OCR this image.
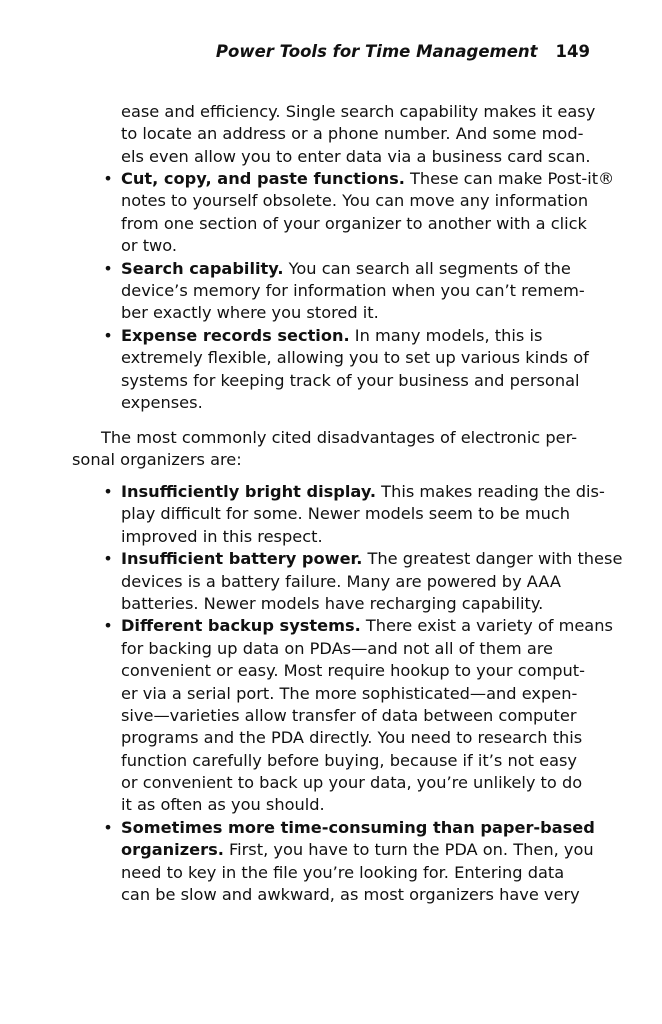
Power Tools for Time Management 149
ease and efficiency. Single search capability makes it easy
to locate an address or a phone number. And some mod-
els even allow you to enter data via a business card scan.
• Cut, copy, and paste functions. These can make Post-it®
notes to yourself obsolete. You can move any information
from one section of your organizer to another with a click
or two.
• Search capability. You can search all segments of the
device’s memory for information when you can’t remem-
ber exactly where you stored it.
• Expense records section. In many models, this is
extremely flexible, allowing you to set up various kinds of
systems for keeping track of your business and personal
expenses.
The most commonly cited disadvantages of electronic per-
sonal organizers are:
• Insufficiently bright display. This makes reading the dis-
play difficult for some. Newer models seem to be much
improved in this respect.
• Insufficient battery power. The greatest danger with these
devices is a battery failure. Many are powered by AAA
batteries. Newer models have recharging capability.
• Different backup systems. There exist a variety of means
for backing up data on PDAs—and not all of them are
convenient or easy. Most require hookup to your comput-
er via a serial port. The more sophisticated—and expen-
sive—varieties allow transfer of data between computer
programs and the PDA directly. You need to research this
function carefully before buying, because if it’s not easy
or convenient to back up your data, you’re unlikely to do
it as often as you should.
• Sometimes more time-consuming than paper-based
organizers. First, you have to turn the PDA on. Then, you
need to key in the file you’re looking for. Entering data
can be slow and awkward, as most organizers have very
